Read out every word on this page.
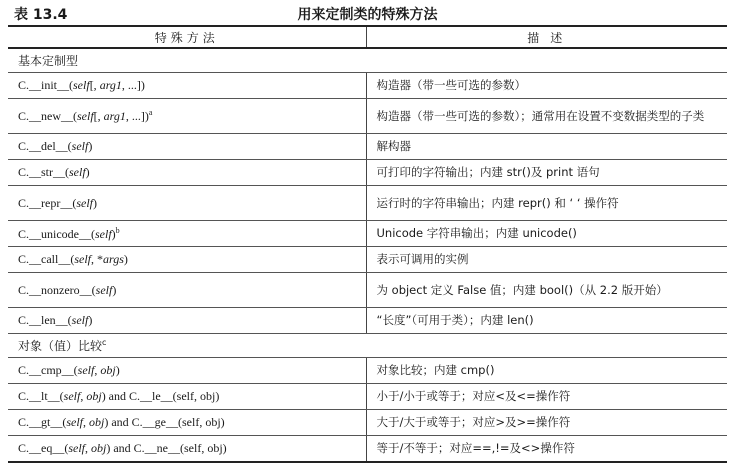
表 13.4	用来定制类的特殊方法
特殊方法	描 述
基本定制型	
C.__init__(self[, arg1, ...])	构造器（带一些可选的参数）
C.__new__(self[, arg1, ...])$^a$	构造器（带一些可选的参数）；通常用在设置不变数据类型的子类
C.__del__(self)	解构器
C.__str__(self)	可打印的字符输出；内建 str()及 print 语句
C.__repr__(self)	运行时的字符串输出；内建 repr() 和 ‘ ‘ 操作符
C.__unicode__(self)$^b$	Unicode 字符串输出；内建 unicode()
C.__call__(self, *args)	表示可调用的实例
C.__nonzero__(self)	为 object 定义 False 值；内建 bool()（从 2.2 版开始）
C.__len__(self)	“长度”（可用于类）；内建 len()
对象（值）比较$^c$
C.__cmp__(self, obj)	对象比较；内建 cmp()
C.__lt__(self, obj) and C.__le__(self, obj)	小于/小于或等于；对应<及<=操作符
C.__gt__(self, obj) and C.__ge__(self, obj)	大于/大于或等于；对应>及>=操作符
C.__eq__(self, obj) and C.__ne__(self, obj)	等于/不等于；对应==,!=及<>操作符
